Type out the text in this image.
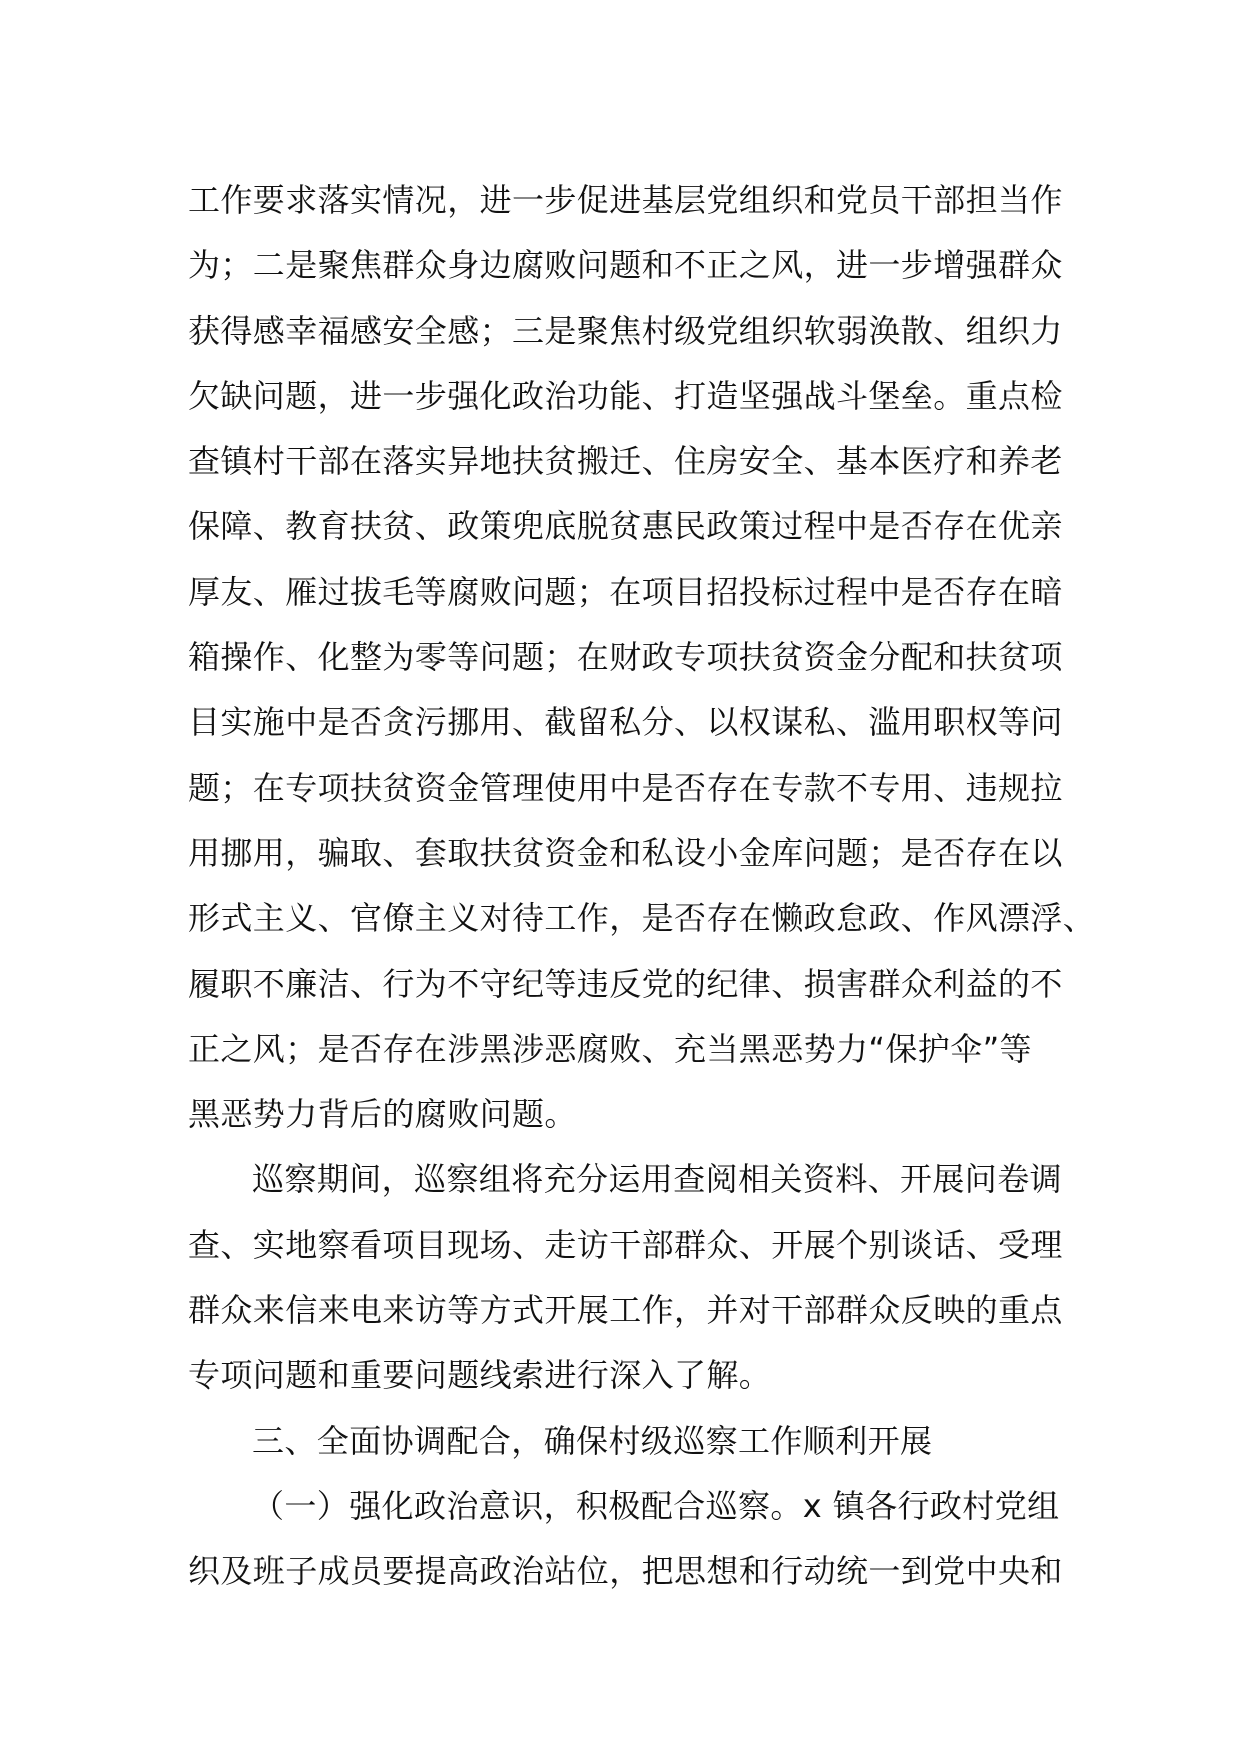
工作要求落实情况，进一步促进基层党组织和党员干部担当作
为；二是聚焦群众身边腐败问题和不正之风，进一步增强群众
获得感幸福感安全感；三是聚焦村级党组织软弱涣散、组织力
欠缺问题，进一步强化政治功能、打造坚强战斗堡垒。重点检
查镇村干部在落实异地扶贫搬迁、住房安全、基本医疗和养老
保障、教育扶贫、政策兜底脱贫惠民政策过程中是否存在优亲
厚友、雁过拔毛等腐败问题；在项目招投标过程中是否存在暗
箱操作、化整为零等问题；在财政专项扶贫资金分配和扶贫项
目实施中是否贪污挪用、截留私分、以权谋私、滥用职权等问
题；在专项扶贫资金管理使用中是否存在专款不专用、违规拉
用挪用，骗取、套取扶贫资金和私设小金库问题；是否存在以
形式主义、官僚主义对待工作，是否存在懒政怠政、作风漂浮、
履职不廉洁、行为不守纪等违反党的纪律、损害群众利益的不
正之风；是否存在涉黑涉恶腐败、充当黑恶势力“保护伞”等
黑恶势力背后的腐败问题。
巡察期间，巡察组将充分运用查阅相关资料、开展问卷调
查、实地察看项目现场、走访干部群众、开展个别谈话、受理
群众来信来电来访等方式开展工作，并对干部群众反映的重点
专项问题和重要问题线索进行深入了解。
三、全面协调配合，确保村级巡察工作顺利开展
（一）强化政治意识，积极配合巡察。x 镇各行政村党组
织及班子成员要提高政治站位，把思想和行动统一到党中央和
